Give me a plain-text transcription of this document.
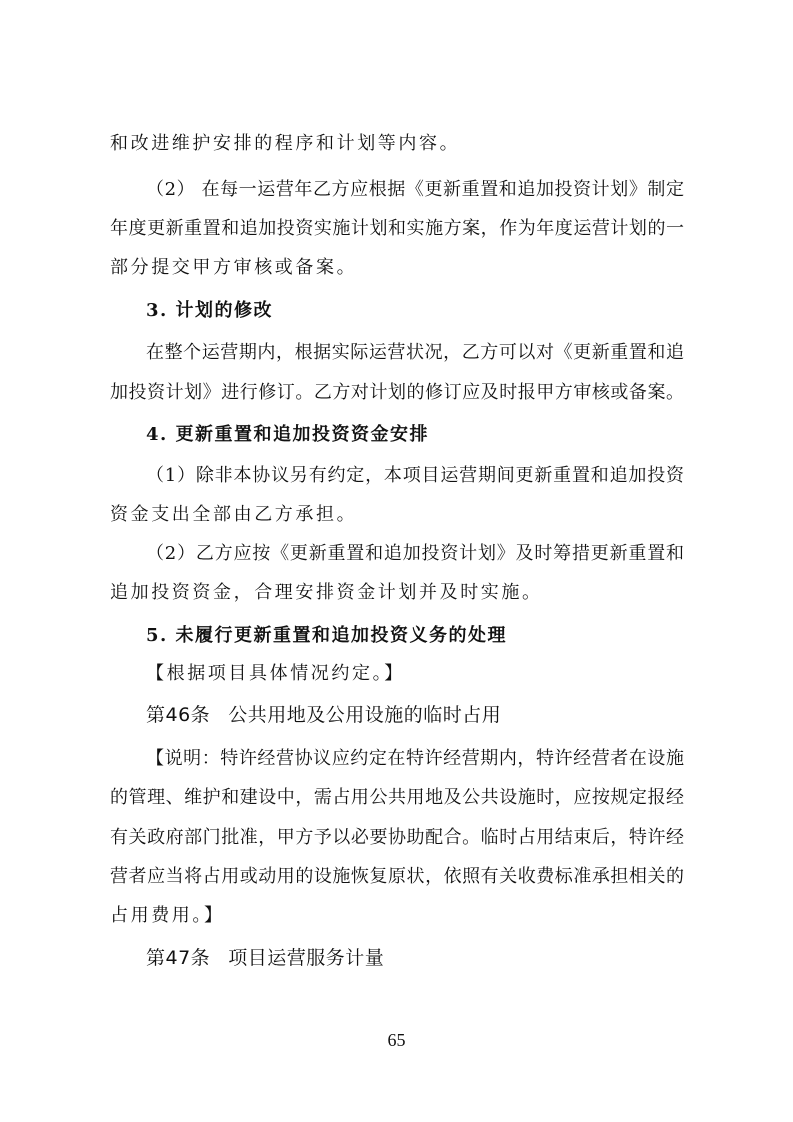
和改进维护安排的程序和计划等内容。
（2） 在每一运营年乙方应根据《更新重置和追加投资计划》制定
年度更新重置和追加投资实施计划和实施方案，作为年度运营计划的一
部分提交甲方审核或备案。
3. 计划的修改
在整个运营期内，根据实际运营状况，乙方可以对《更新重置和追
加投资计划》进行修订。乙方对计划的修订应及时报甲方审核或备案。
4. 更新重置和追加投资资金安排
（1）除非本协议另有约定，本项目运营期间更新重置和追加投资
资金支出全部由乙方承担。
（2）乙方应按《更新重置和追加投资计划》及时筹措更新重置和
追加投资资金，合理安排资金计划并及时实施。
5. 未履行更新重置和追加投资义务的处理
【根据项目具体情况约定。】
第46条 公共用地及公用设施的临时占用
【说明：特许经营协议应约定在特许经营期内，特许经营者在设施
的管理、维护和建设中，需占用公共用地及公共设施时，应按规定报经
有关政府部门批准，甲方予以必要协助配合。临时占用结束后，特许经
营者应当将占用或动用的设施恢复原状，依照有关收费标准承担相关的
占用费用。】
第47条 项目运营服务计量
65
